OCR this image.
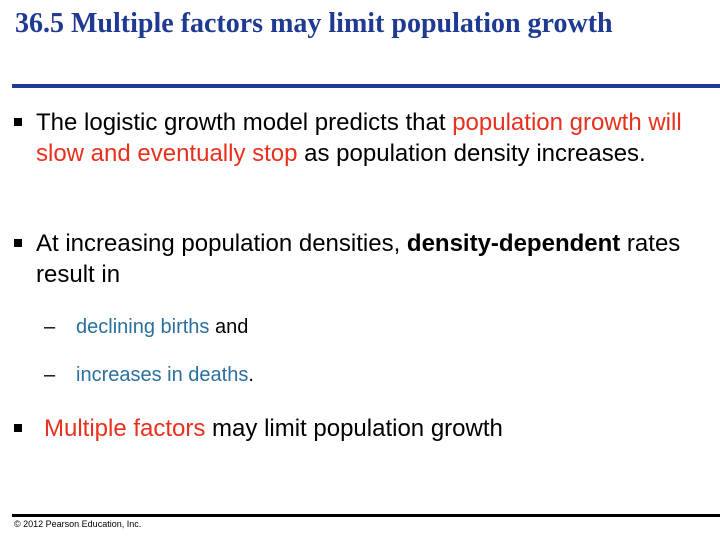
36.5 Multiple factors may limit population growth
The logistic growth model predicts that population growth will slow and eventually stop as population density increases.
At increasing population densities, density-dependent rates result in
– declining births and
– increases in deaths.
Multiple factors may limit population growth
© 2012 Pearson Education, Inc.
